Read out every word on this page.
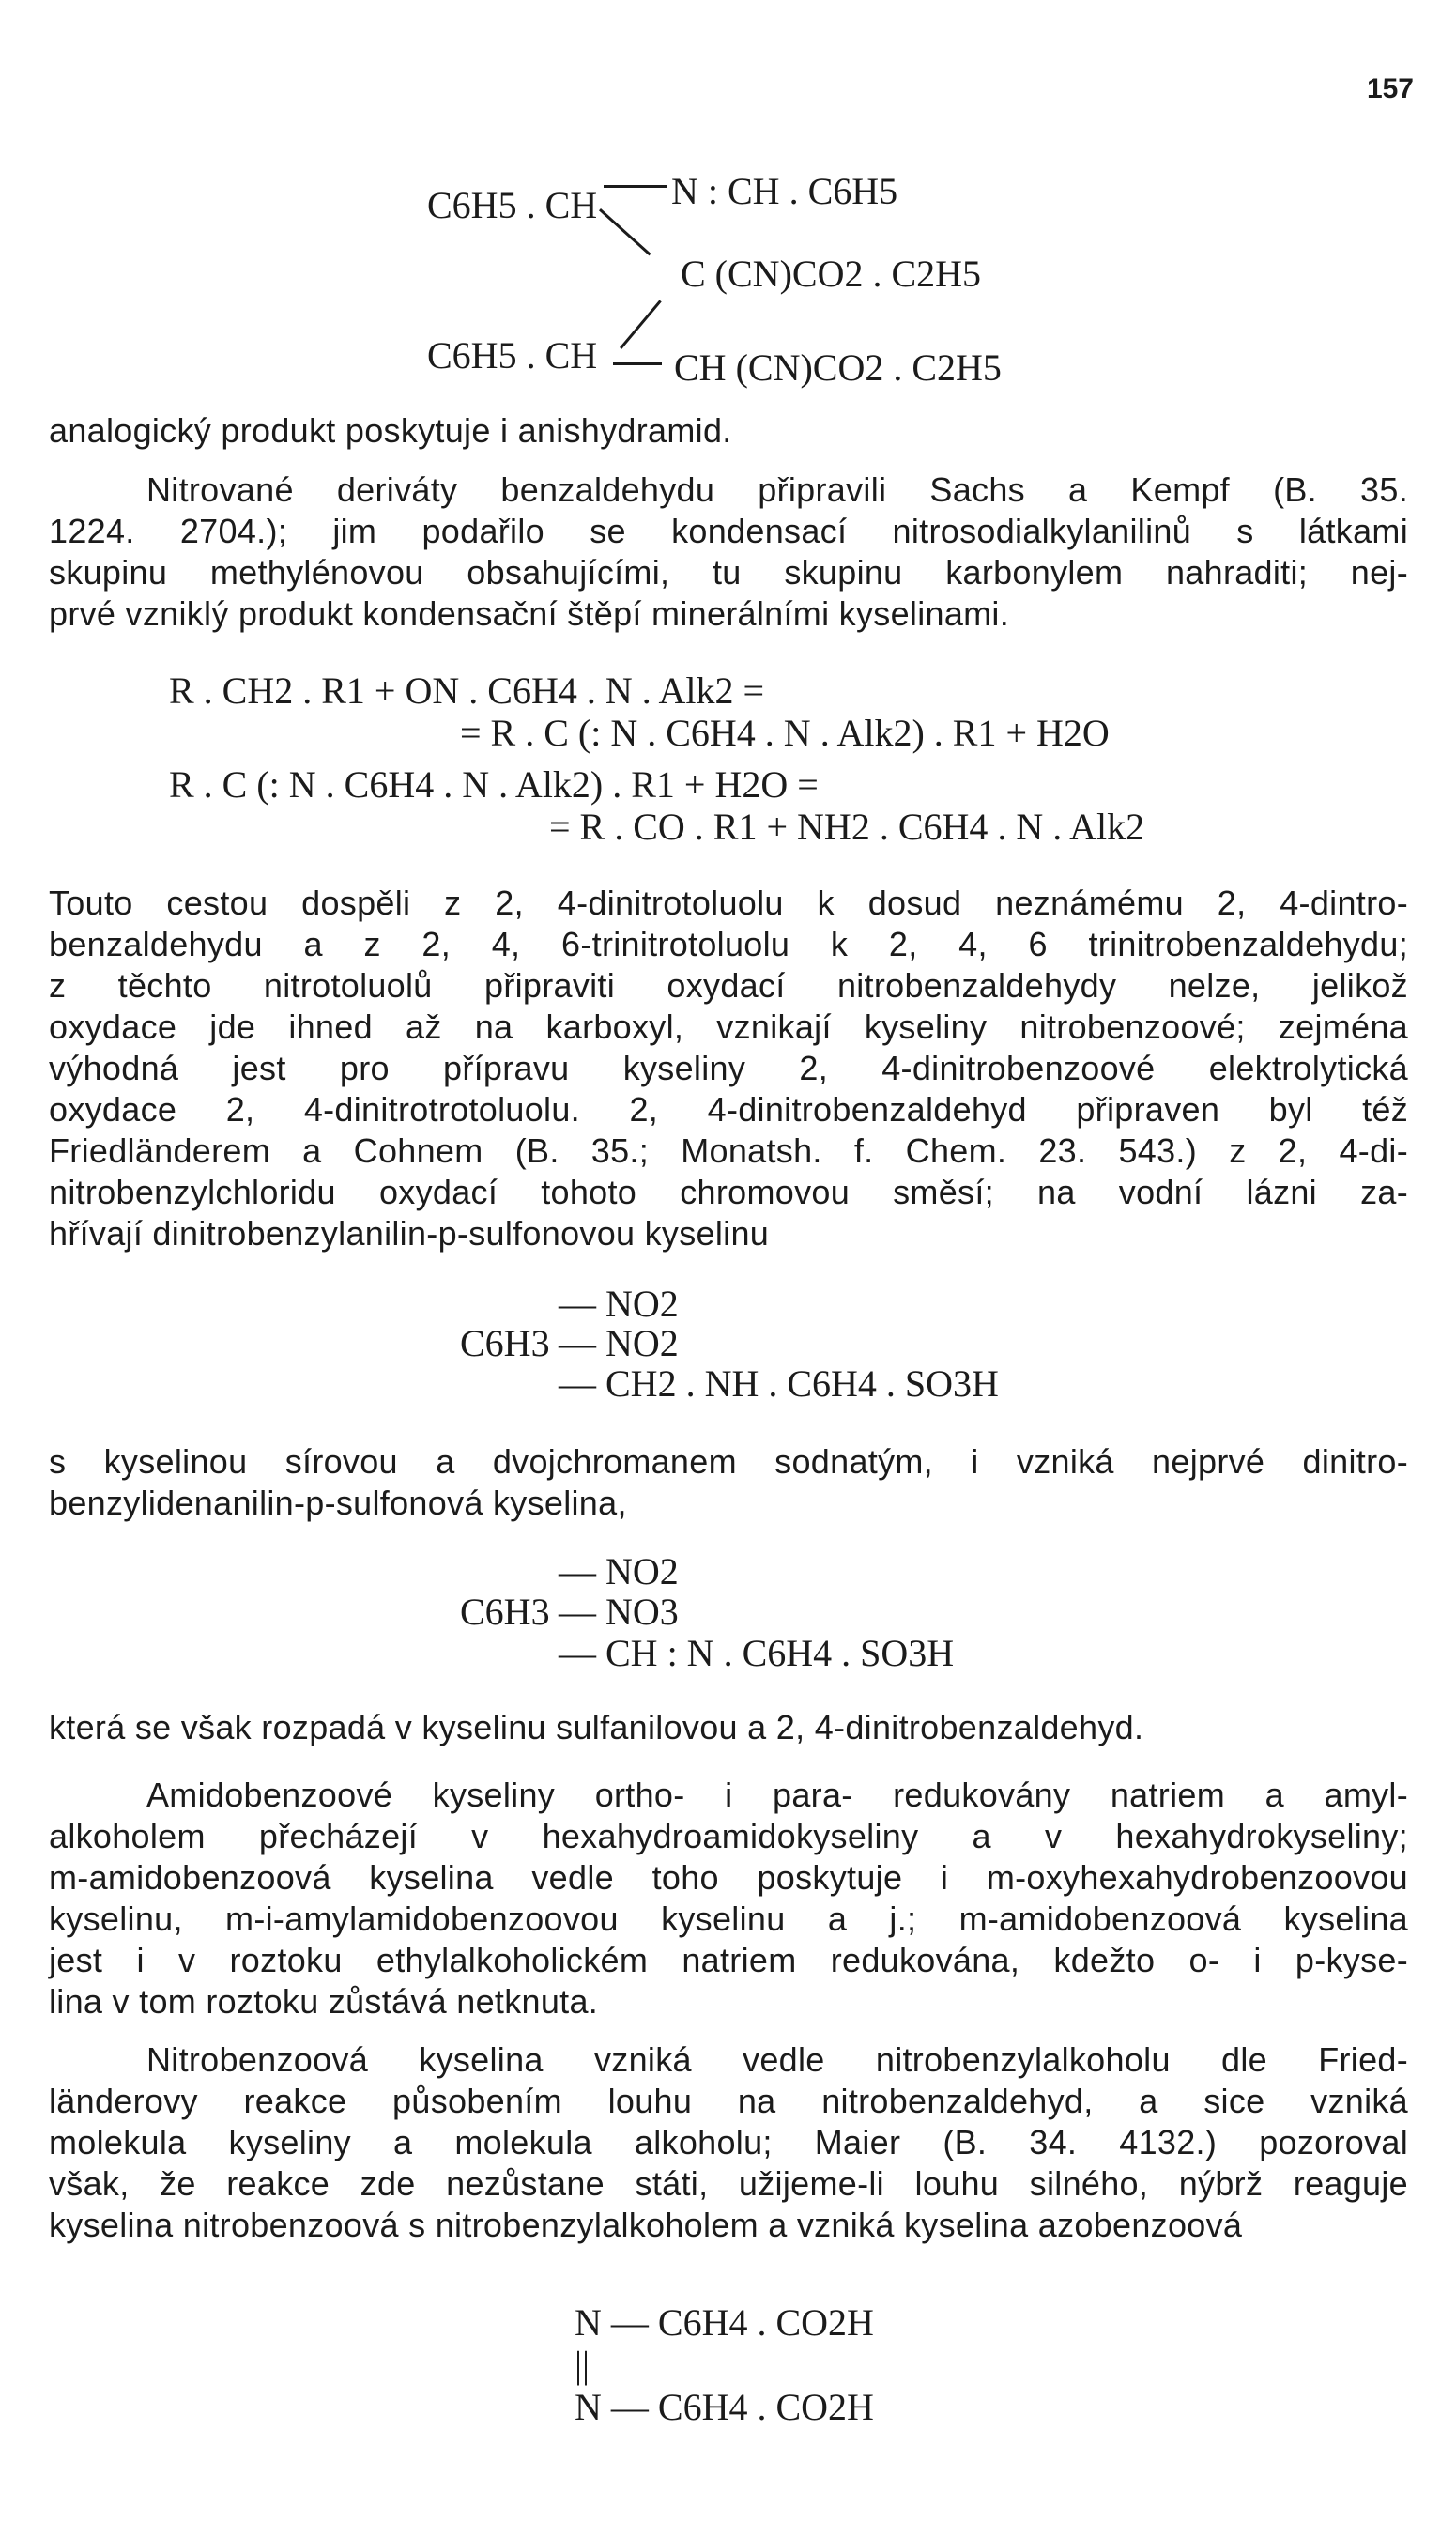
157
C6H5 . CH N : CH . C6H5
C (CN)CO2 . C2H5
C6H5 . CH CH (CN)CO2 . C2H5
analogický produkt poskytuje i anishydramid.
Nitrované deriváty benzaldehydu připravili Sachs a Kempf (B. 35.
1224. 2704.); jim podařilo se kondensací nitrosodialkylanilinů s látkami
skupinu methylénovou obsahujícími, tu skupinu karbonylem nahraditi; nej-
prvé vzniklý produkt kondensační štěpí minerálními kyselinami.
R . CH2 . R1 + ON . C6H4 . N . Alk2 =
= R . C (: N . C6H4 . N . Alk2) . R1 + H2O
R . C (: N . C6H4 . N . Alk2) . R1 + H2O =
= R . CO . R1 + NH2 . C6H4 . N . Alk2
Touto cestou dospěli z 2, 4-dinitrotoluolu k dosud neznámému 2, 4-dintro-
benzaldehydu a z 2, 4, 6-trinitrotoluolu k 2, 4, 6 trinitrobenzaldehydu;
z těchto nitrotoluolů připraviti oxydací nitrobenzaldehydy nelze, jelikož
oxydace jde ihned až na karboxyl, vznikají kyseliny nitrobenzoové; zejména
výhodná jest pro přípravu kyseliny 2, 4-dinitrobenzoové elektrolytická
oxydace 2, 4-dinitrotrotoluolu. 2, 4-dinitrobenzaldehyd připraven byl též
Friedländerem a Cohnem (B. 35.; Monatsh. f. Chem. 23. 543.) z 2, 4-di-
nitrobenzylchloridu oxydací tohoto chromovou směsí; na vodní lázni za-
hřívají dinitrobenzylanilin-p-sulfonovou kyselinu
— NO2
C6H3 — NO2
— CH2 . NH . C6H4 . SO3H
s kyselinou sírovou a dvojchromanem sodnatým, i vzniká nejprvé dinitro-
benzylidenanilin-p-sulfonová kyselina,
— NO2
C6H3 — NO3
— CH : N . C6H4 . SO3H
která se však rozpadá v kyselinu sulfanilovou a 2, 4-dinitrobenzaldehyd.
Amidobenzoové kyseliny ortho- i para- redukovány natriem a amyl-
alkoholem přecházejí v hexahydroamidokyseliny a v hexahydrokyseliny;
m-amidobenzoová kyselina vedle toho poskytuje i m-oxyhexahydrobenzoovou
kyselinu, m-i-amylamidobenzoovou kyselinu a j.; m-amidobenzoová kyselina
jest i v roztoku ethylalkoholickém natriem redukována, kdežto o- i p-kyse-
lina v tom roztoku zůstává netknuta.
Nitrobenzoová kyselina vzniká vedle nitrobenzylalkoholu dle Fried-
länderovy reakce působením louhu na nitrobenzaldehyd, a sice vzniká
molekula kyseliny a molekula alkoholu; Maier (B. 34. 4132.) pozoroval
však, že reakce zde nezůstane státi, užijeme-li louhu silného, nýbrž reaguje
kyselina nitrobenzoová s nitrobenzylalkoholem a vzniká kyselina azobenzoová
N — C6H4 . CO2H
||
N — C6H4 . CO2H
